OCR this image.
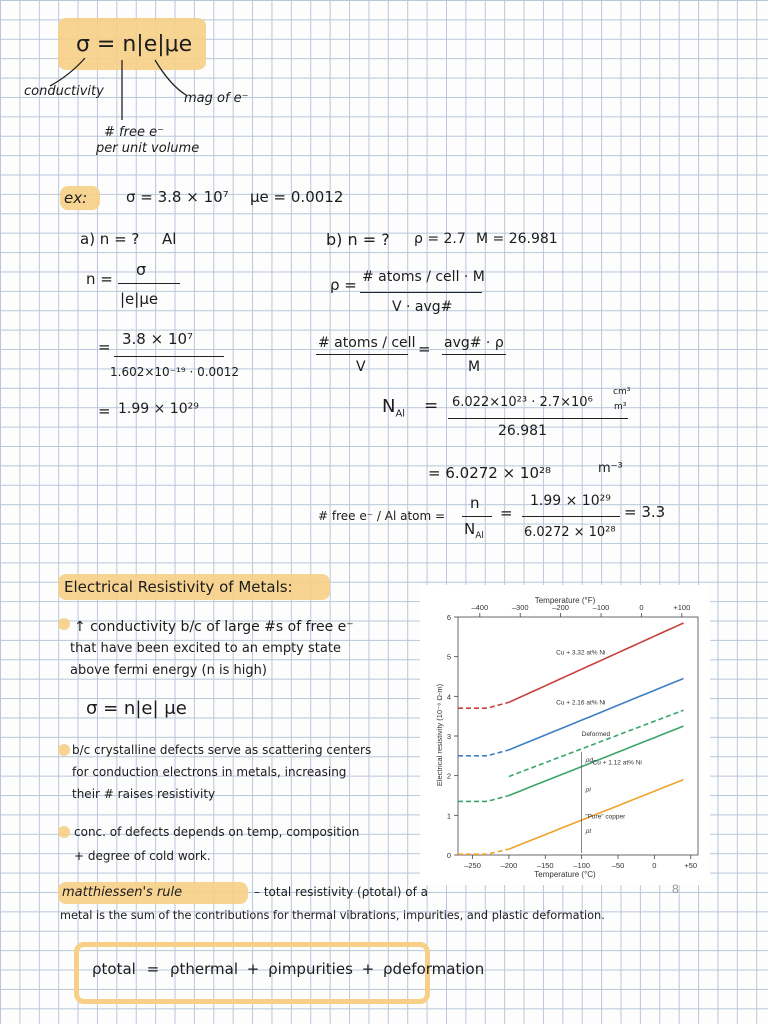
σ = n|e|μe
conductivity
# free e⁻
per unit volume
mag of e⁻
ex:	σ = 3.8 × 10⁷ μe = 0.0012
a) n = ? Al
n = σ
|e|μe
= 3.8 × 10⁷
1.602×10⁻¹⁹ · 0.0012
= 1.99 × 10²⁹
b) n = ? ρ = 2.7 M = 26.981
ρ = # atoms / cell · M
V · avg#
# atoms / cell
V
= avg# · ρ
M
$N_{Al} = 6.022\times 10^{23} \cdot 2.7\times 10^6$
cm³
m³
26.981
= 6.0272 × 10²⁸	m⁻³
# free e⁻ / Al atom =
n
$N_{Al}$
=
1.99 × 10²⁹
6.0272 × 10²⁸
= 3.3
Electrical Resistivity of Metals:
↑ conductivity b/c of large #s of free e⁻
that have been excited to an empty state
above fermi energy (n is high)
σ = n|e| μe
b/c crystalline defects serve as scattering centers
for conduction electrons in metals, increasing
their # raises resistivity
conc. of defects depends on temp, composition
+ degree of cold work.
matthiessen's rule	– total resistivity (ρtotal) of a
metal is the sum of the contributions for thermal vibrations, impurities, and plastic deformation.
ρtotal = ρthermal + ρimpurities + ρdeformation
–250	–200	–150	–100	–50	0	+50
–400	–300	–200	–100	0	+100
0
1
2
3
4
5
6
Cu + 3.32 at% Ni
Cu + 2.16 at% Ni
Deformed
Cu + 1.12 at% Ni
"Pure" copper
ρt
ρi
ρd
Temperature (°C)
Temperature (°F)
Electrical resistivity (10⁻⁸ Ω-m)
8
